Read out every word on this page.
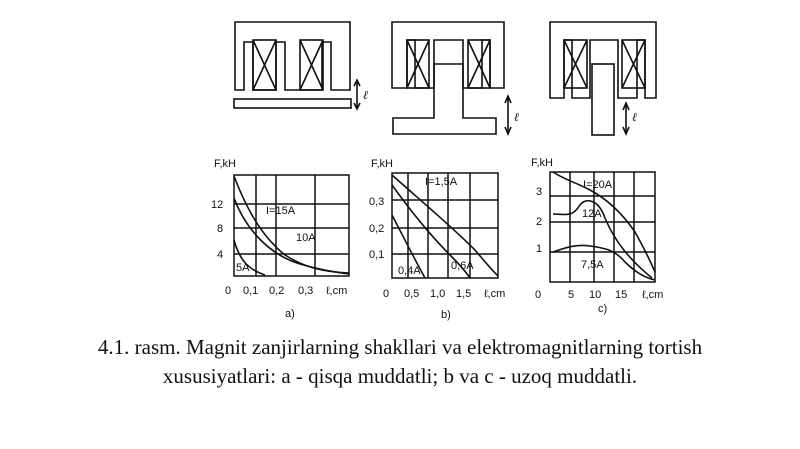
ℓ
ℓ	ℓ
F,kH
12
8
4
0 0,1 0,2 0,3 ℓ,cm
a)
I=15A
10A
5A
F,kH
0,3
0,2
0,1
0 0,5 1,0 1,5 ℓ,cm
b)
I=1,5A
0,4A	0,6A
F,kH
3
2
1
0 5 10 15 ℓ,cm
c)
I=20A
12A
7,5A
4.1. rasm. Magnit zanjirlarning shakllari va elektromagnitlarning tortish
xususiyatlari: a - qisqa muddatli; b va c - uzoq muddatli.
